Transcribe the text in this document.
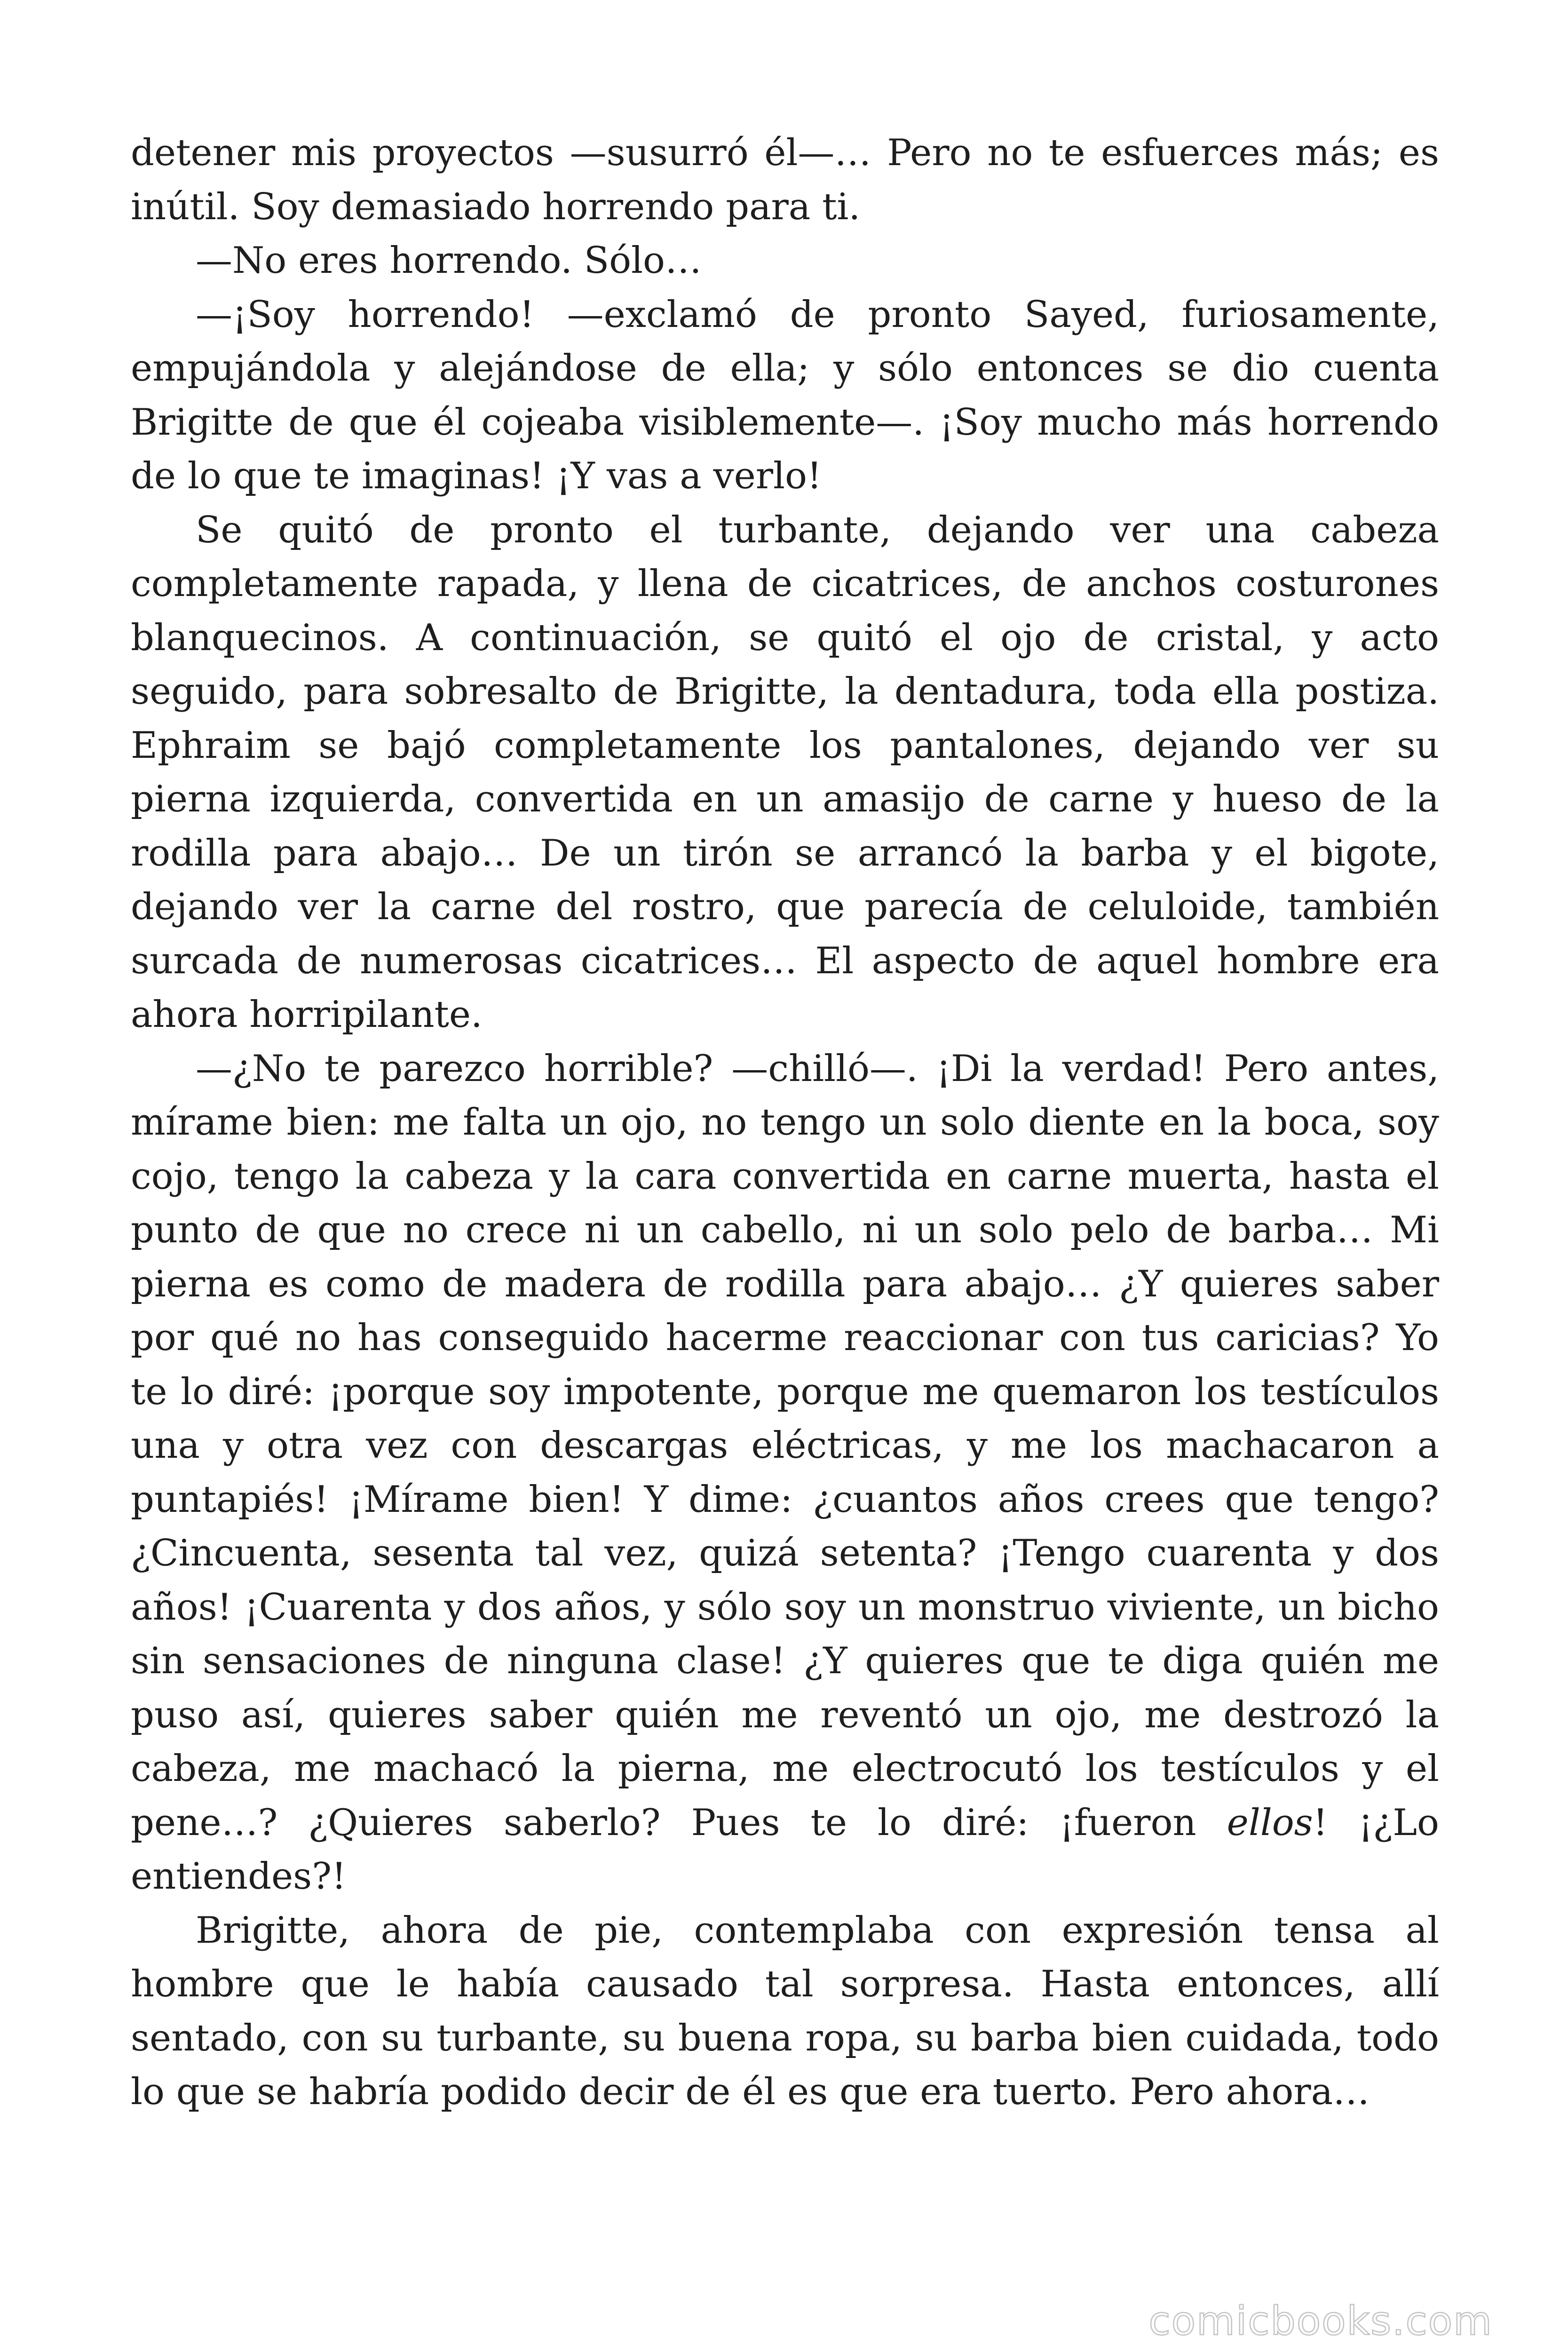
detener mis proyectos —susurró él—… Pero no te esfuerces más; es inútil. Soy demasiado horrendo para ti.

—No eres horrendo. Sólo…

—¡Soy horrendo! —exclamó de pronto Sayed, furiosamente, empujándola y alejándose de ella; y sólo entonces se dio cuenta Brigitte de que él cojeaba visiblemente—. ¡Soy mucho más horrendo de lo que te imaginas! ¡Y vas a verlo!

Se quitó de pronto el turbante, dejando ver una cabeza completamente rapada, y llena de cicatrices, de anchos costurones blanquecinos. A continuación, se quitó el ojo de cristal, y acto seguido, para sobresalto de Brigitte, la dentadura, toda ella postiza. Ephraim se bajó completamente los pantalones, dejando ver su pierna izquierda, convertida en un amasijo de carne y hueso de la rodilla para abajo… De un tirón se arrancó la barba y el bigote, dejando ver la carne del rostro, que parecía de celuloide, también surcada de numerosas cicatrices… El aspecto de aquel hombre era ahora horripilante.

—¿No te parezco horrible? —chilló—. ¡Di la verdad! Pero antes, mírame bien: me falta un ojo, no tengo un solo diente en la boca, soy cojo, tengo la cabeza y la cara convertida en carne muerta, hasta el punto de que no crece ni un cabello, ni un solo pelo de barba… Mi pierna es como de madera de rodilla para abajo… ¿Y quieres saber por qué no has conseguido hacerme reaccionar con tus caricias? Yo te lo diré: ¡porque soy impotente, porque me quemaron los testículos una y otra vez con descargas eléctricas, y me los machacaron a puntapiés! ¡Mírame bien! Y dime: ¿cuantos años crees que tengo? ¿Cincuenta, sesenta tal vez, quizá setenta? ¡Tengo cuarenta y dos años! ¡Cuarenta y dos años, y sólo soy un monstruo viviente, un bicho sin sensaciones de ninguna clase! ¿Y quieres que te diga quién me puso así, quieres saber quién me reventó un ojo, me destrozó la cabeza, me machacó la pierna, me electrocutó los testículos y el pene…? ¿Quieres saberlo? Pues te lo diré: ¡fueron ellos! ¡¿Lo entiendes?!

Brigitte, ahora de pie, contemplaba con expresión tensa al hombre que le había causado tal sorpresa. Hasta entonces, allí sentado, con su turbante, su buena ropa, su barba bien cuidada, todo lo que se habría podido decir de él es que era tuerto. Pero ahora…

comicbooks.com
